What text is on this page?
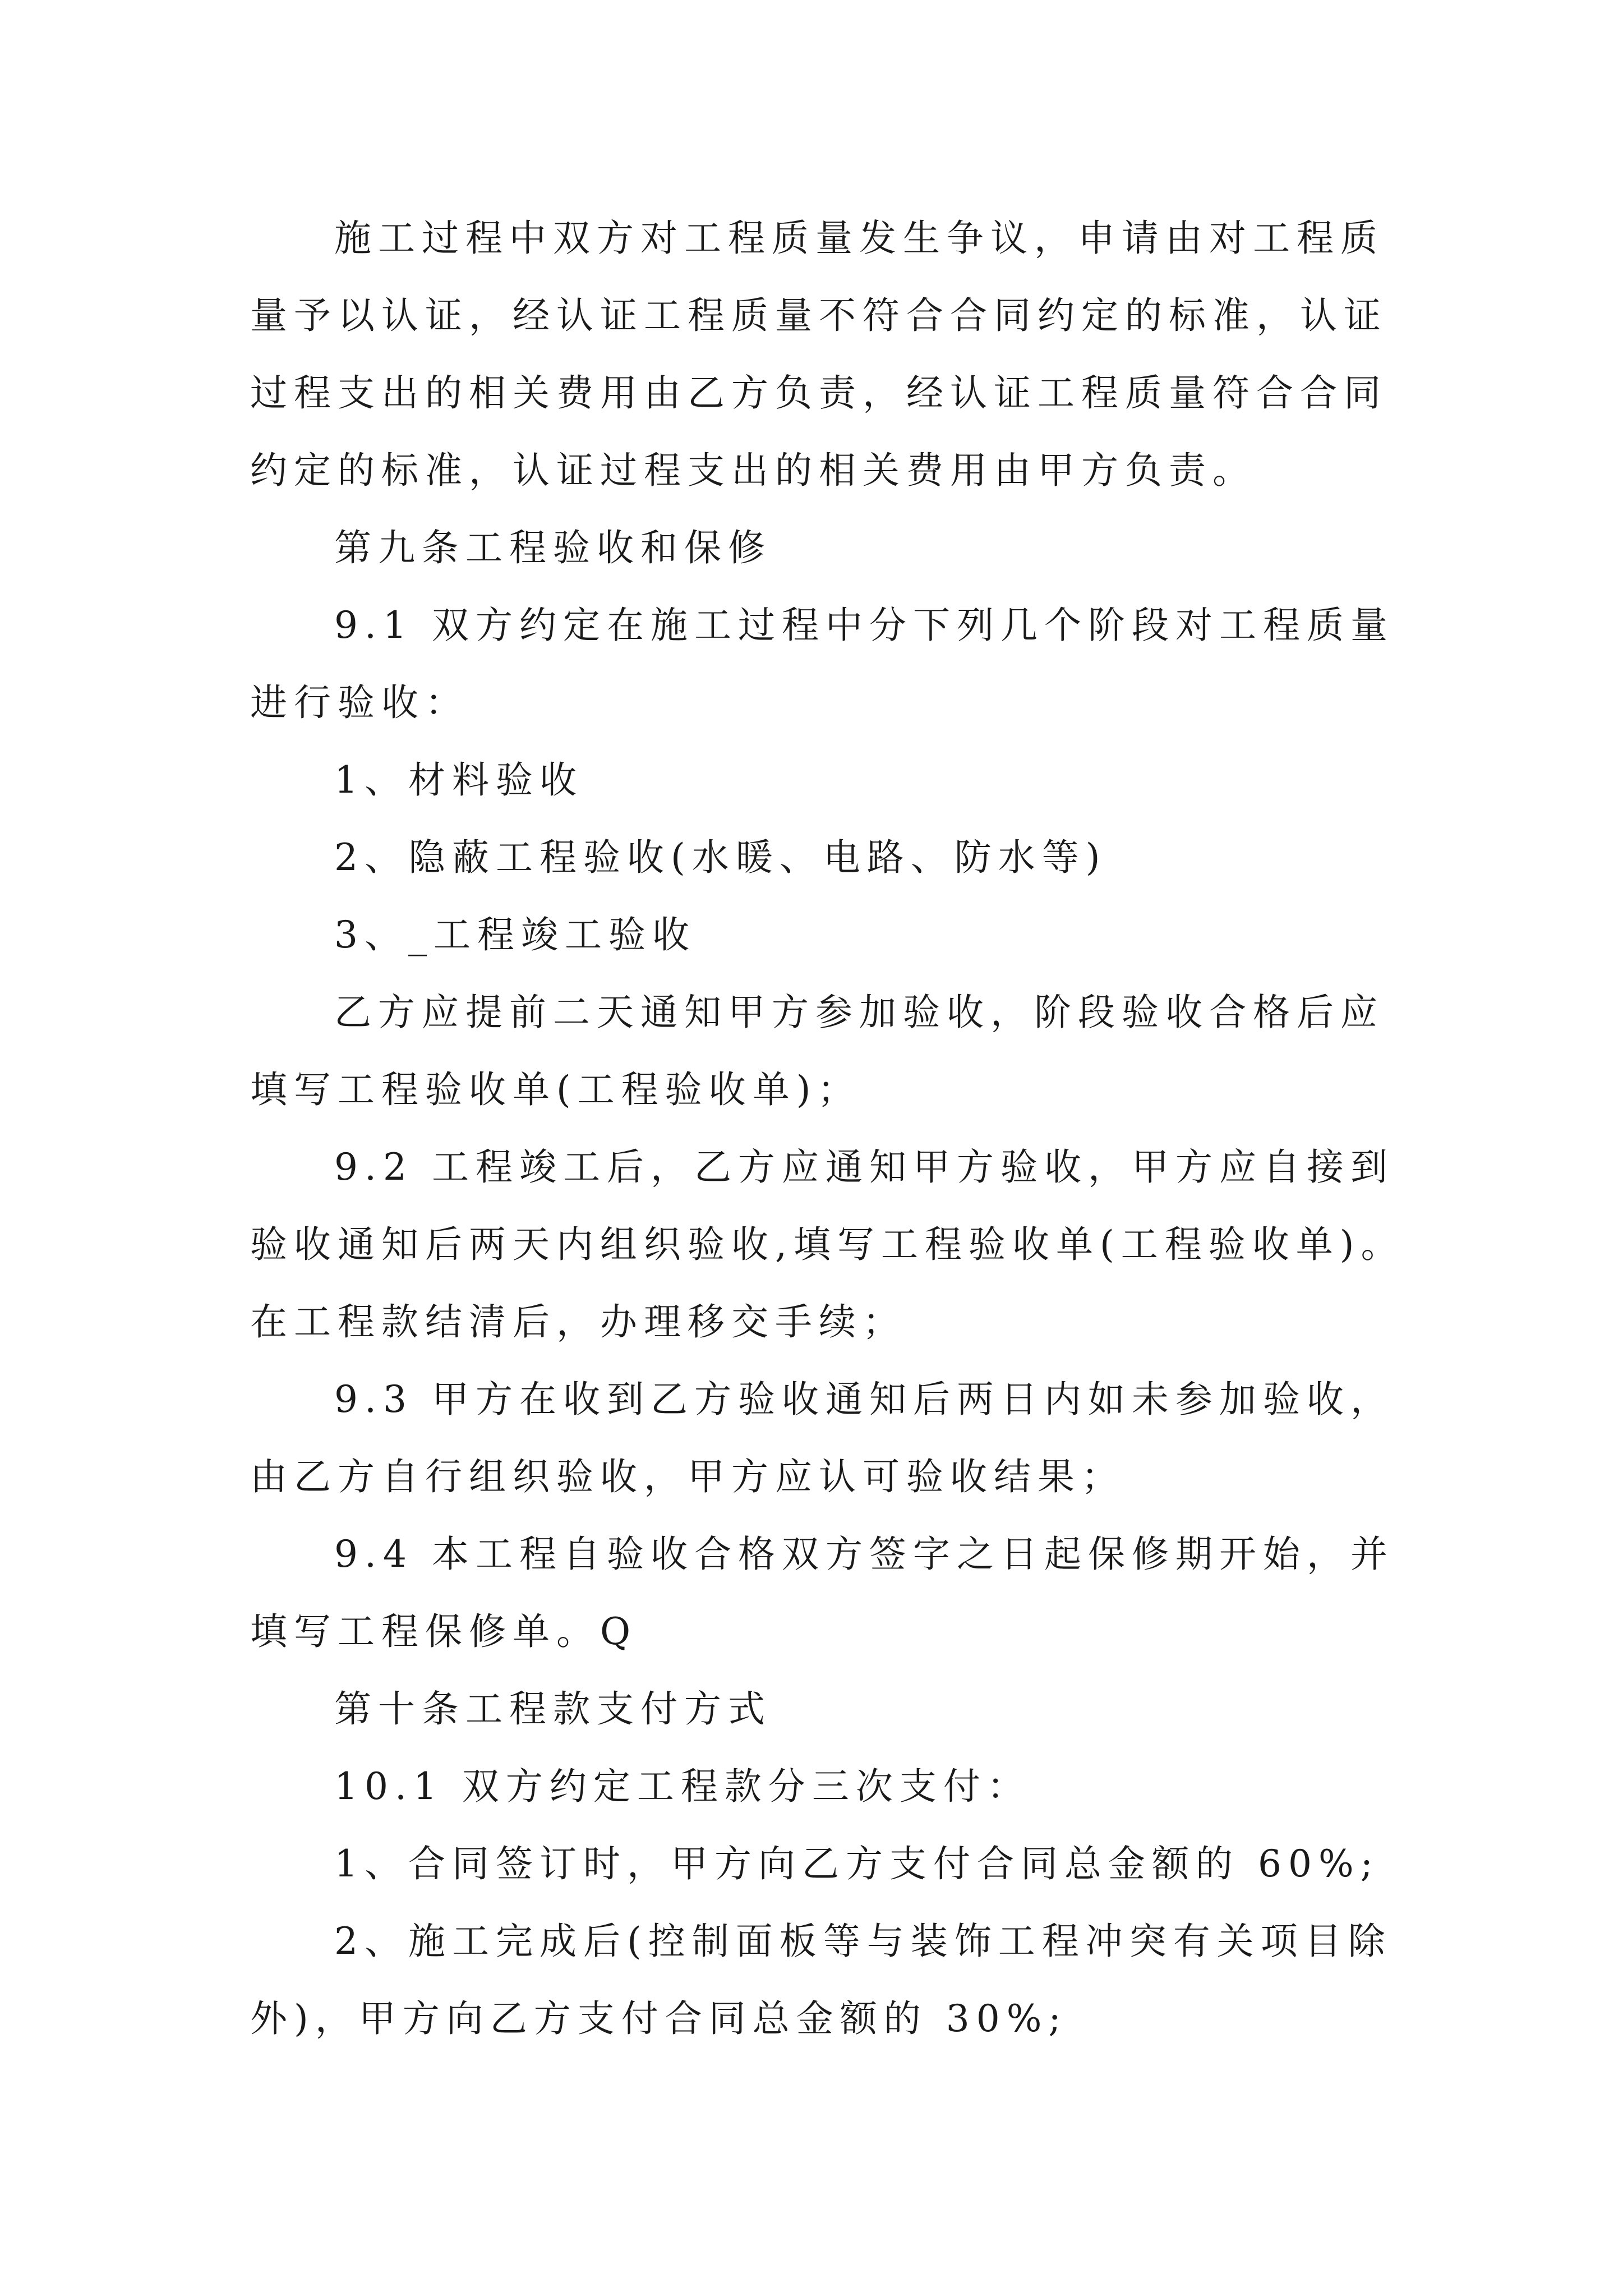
施工过程中双方对工程质量发生争议，申请由对工程质
量予以认证，经认证工程质量不符合合同约定的标准，认证
过程支出的相关费用由乙方负责，经认证工程质量符合合同
约定的标准，认证过程支出的相关费用由甲方负责。
第九条工程验收和保修
9.1 双方约定在施工过程中分下列几个阶段对工程质量
进行验收：
1、材料验收
2、隐蔽工程验收(水暖、电路、防水等)
3、_工程竣工验收
乙方应提前二天通知甲方参加验收，阶段验收合格后应
填写工程验收单(工程验收单)；
9.2 工程竣工后，乙方应通知甲方验收，甲方应自接到
验收通知后两天内组织验收,填写工程验收单(工程验收单)。
在工程款结清后，办理移交手续；
9.3 甲方在收到乙方验收通知后两日内如未参加验收，
由乙方自行组织验收，甲方应认可验收结果；
9.4 本工程自验收合格双方签字之日起保修期开始，并
填写工程保修单。Q
第十条工程款支付方式
10.1 双方约定工程款分三次支付：
1、合同签订时，甲方向乙方支付合同总金额的 60%;
2、施工完成后(控制面板等与装饰工程冲突有关项目除
外)，甲方向乙方支付合同总金额的 30%;
